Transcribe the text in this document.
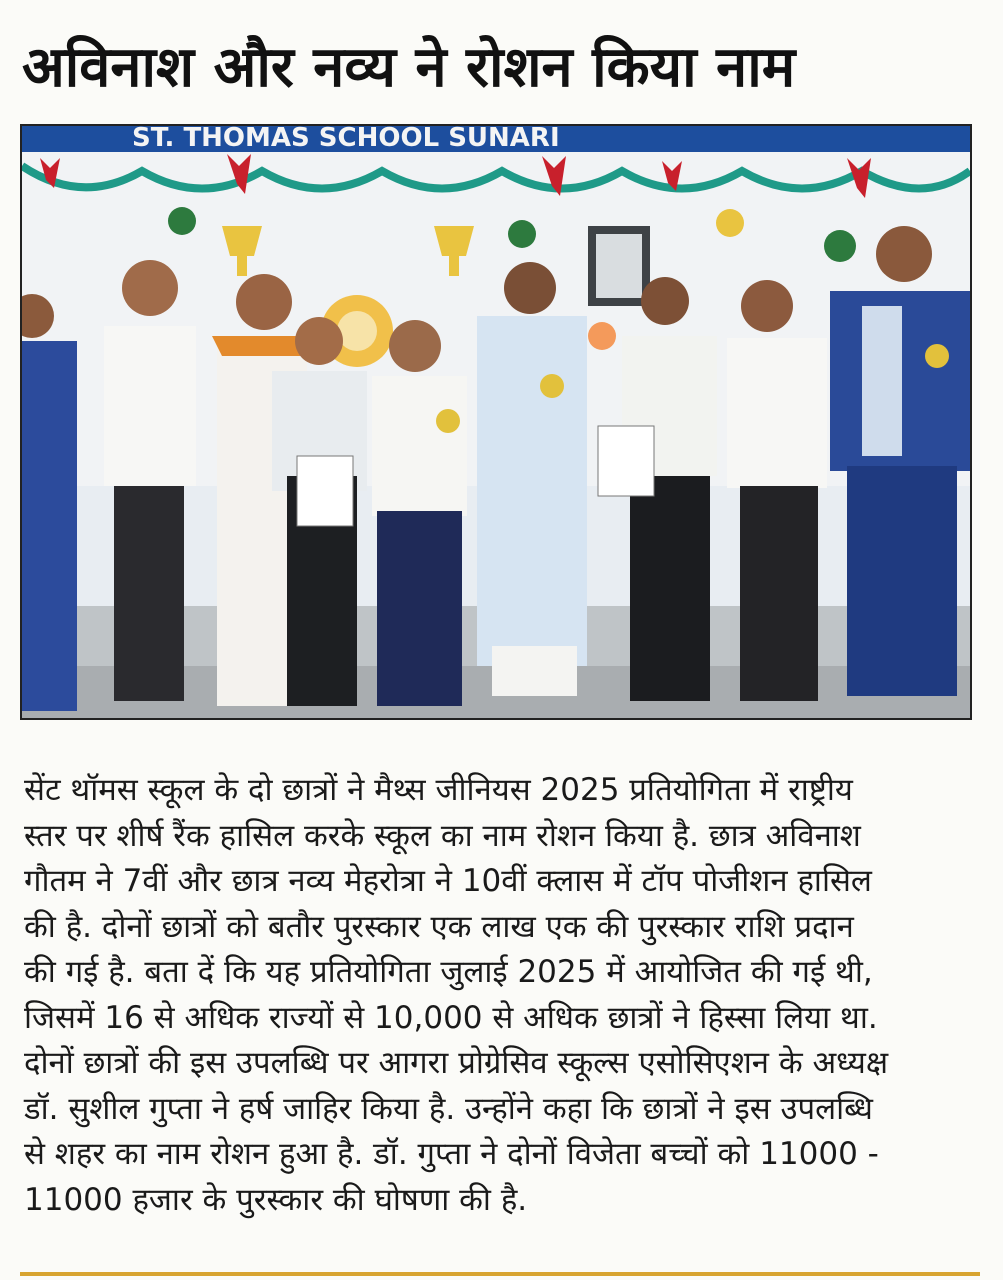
अविनाश और नव्य ने रोशन किया नाम
ST. THOMAS SCHOOL SUNARI
सेंट थॉमस स्कूल के दो छात्रों ने मैथ्स जीनियस 2025 प्रतियोगिता में राष्ट्रीय
स्तर पर शीर्ष रैंक हासिल करके स्कूल का नाम रोशन किया है. छात्र अविनाश
गौतम ने 7वीं और छात्र नव्य मेहरोत्रा ने 10वीं क्लास में टॉप पोजीशन हासिल
की है. दोनों छात्रों को बतौर पुरस्कार एक लाख एक की पुरस्कार राशि प्रदान
की गई है. बता दें कि यह प्रतियोगिता जुलाई 2025 में आयोजित की गई थी,
जिसमें 16 से अधिक राज्यों से 10,000 से अधिक छात्रों ने हिस्सा लिया था.
दोनों छात्रों की इस उपलब्धि पर आगरा प्रोग्रेसिव स्कूल्स एसोसिएशन के अध्यक्ष
डॉ. सुशील गुप्ता ने हर्ष जाहिर किया है. उन्होंने कहा कि छात्रों ने इस उपलब्धि
से शहर का नाम रोशन हुआ है. डॉ. गुप्ता ने दोनों विजेता बच्चों को 11000 -
11000 हजार के पुरस्कार की घोषणा की है.
